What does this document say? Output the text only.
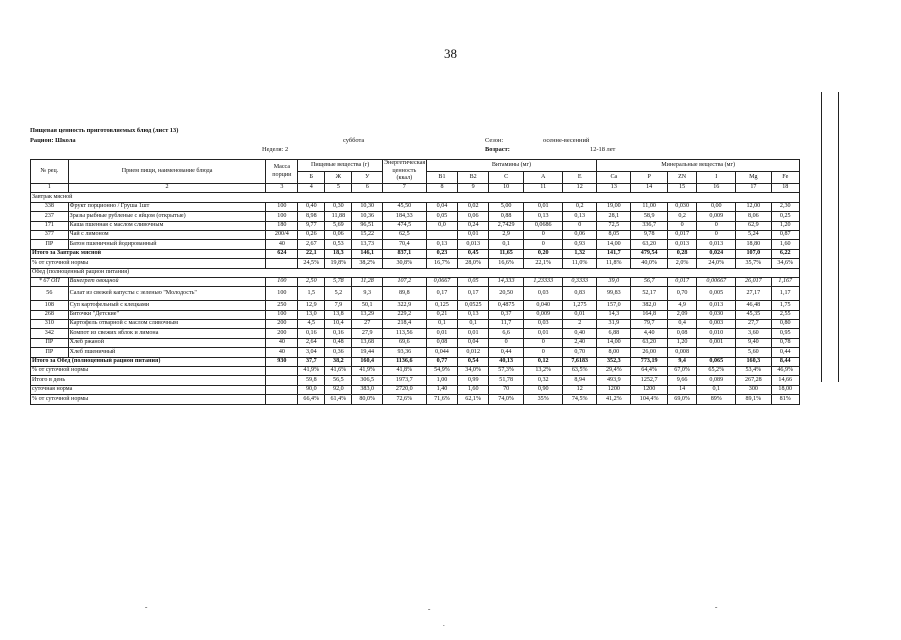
38
Пищевая ценность приготовляемых блюд (лист 13)
Рацион: Школа	суббота	Сезон:	осенне-весенний
Неделя: 2	Возраст:	12-18 лет
№ рец.	Прием пищи, наименование блюда	Масса порции	Пищевые вещества (г)			Энергетическая ценность (ккал)	Витамины (мг)					Минеральные вещества (мг)					
			Б	Ж	У		B1	B2	C	A	E	Ca	P	ZN	I	Mg	Fe
1	2	3	4	5	6	7	8	9	10	11	12	13	14	15	16	17	18
Завтрак мясной																	
338	Фрукт порционно / Груша 1шт	100	0,40	0,30	10,30	45,50	0,04	0,02	5,00	0,01	0,2	19,00	11,00	0,030	0,00	12,00	2,30
237	Зразы рыбные рубленые с яйцом (открытые)	100	8,98	11,88	10,36	184,33	0,05	0,06	0,88	0,13	0,13	28,1	58,9	0,2	0,009	8,06	0,25
171	Каша пшенная с маслом сливочным	180	9,77	5,69	96,51	474,5	0,0	0,24	2,7429	0,0686	0	72,5	336,7	0	0	62,9	1,20
377	Чай с лимоном	200/4	0,26	0,06	15,22	62,5		0,01	2,9	0	0,06	8,05	9,78	0,017	0	5,24	0,87
ПР	Батон пшеничный йодированный	40	2,67	0,53	13,73	70,4	0,13	0,013	0,1	0	0,93	14,00	63,20	0,013	0,013	18,80	1,60
Итого за Завтрак мясной		624	22,1	18,3	146,1	837,1	0,23	0,45	11,65	0,20	1,32	141,7	479,54	0,28	0,024	107,0	6,22
% от суточной нормы			24,5%	19,8%	38,2%	30,8%	16,7%	28,0%	16,6%	22,1%	11,0%	11,8%	40,0%	2,0%	24,0%	35,7%	34,6%
Обед (полноценный рацион питания)																	
* 67 ОП	Винегрет овощной	100	2,50	5,78	11,28	107,2	0,0667	0,05	14,333	1,23333	0,3333	39,0	56,7	0,017	0,00667	26,017	1,167
56	Салат из свежей капусты с зеленью "Молодость"	100	1,5	5,2	9,3	89,8	0,17	0,17	20,50	0,03	0,83	99,83	52,17	0,70	0,005	27,17	1,17
108	Суп картофельный с клецками	250	12,9	7,9	50,1	322,9	0,125	0,0525	0,4875	0,040	1,275	157,0	382,0	4,9	0,013	46,48	1,75
268	Биточки "Детские"	100	13,0	13,8	13,29	229,2	0,21	0,13	0,37	0,009	0,01	14,3	164,8	2,09	0,030	45,35	2,55
310	Картофель отварной с маслом сливочным	200	4,5	10,4	27	218,4	0,1	0,1	11,7	0,03	2	31,9	79,7	0,4	0,003	27,7	0,80
342	Компот из свежих яблок и лимона	200	0,16	0,16	27,9	113,56	0,01	0,01	6,6	0,01	0,40	6,88	4,40	0,08	0,010	3,60	0,95
ПР	Хлеб ржаной	40	2,64	0,48	13,68	69,6	0,08	0,04	0	0	2,40	14,00	63,20	1,20	0,001	9,40	0,78
ПР	Хлеб пшеничный	40	3,04	0,36	19,44	93,36	0,044	0,012	0,44	0	0,70	8,00	26,00	0,008		5,60	0,44
Итого за Обед (полноценный рацион питания)		930	37,7	38,2	160,4	1136,6	0,77	0,54	40,13	0,12	7,6183	352,3	773,19	9,4	0,065	160,3	8,44
% от суточной нормы			41,9%	41,6%	41,9%	41,8%	54,9%	34,0%	57,3%	13,2%	63,5%	29,4%	64,4%	67,0%	65,2%	53,4%	46,9%
Итого в день			59,8	56,5	306,5	1973,7	1,00	0,99	51,78	0,32	8,94	493,9	1252,7	9,66	0,089	267,28	14,66
суточная норма			90,0	92,0	383,0	2720,0	1,40	1,60	70	0,90	12	1200	1200	14	0,1	300	18,00
% от суточной нормы			66,4%	61,4%	80,0%	72,6%	71,6%	62,1%	74,0%	35%	74,5%	41,2%	104,4%	69,0%	89%	89,1%	81%
ˇ	ˇ
.
ˇ
